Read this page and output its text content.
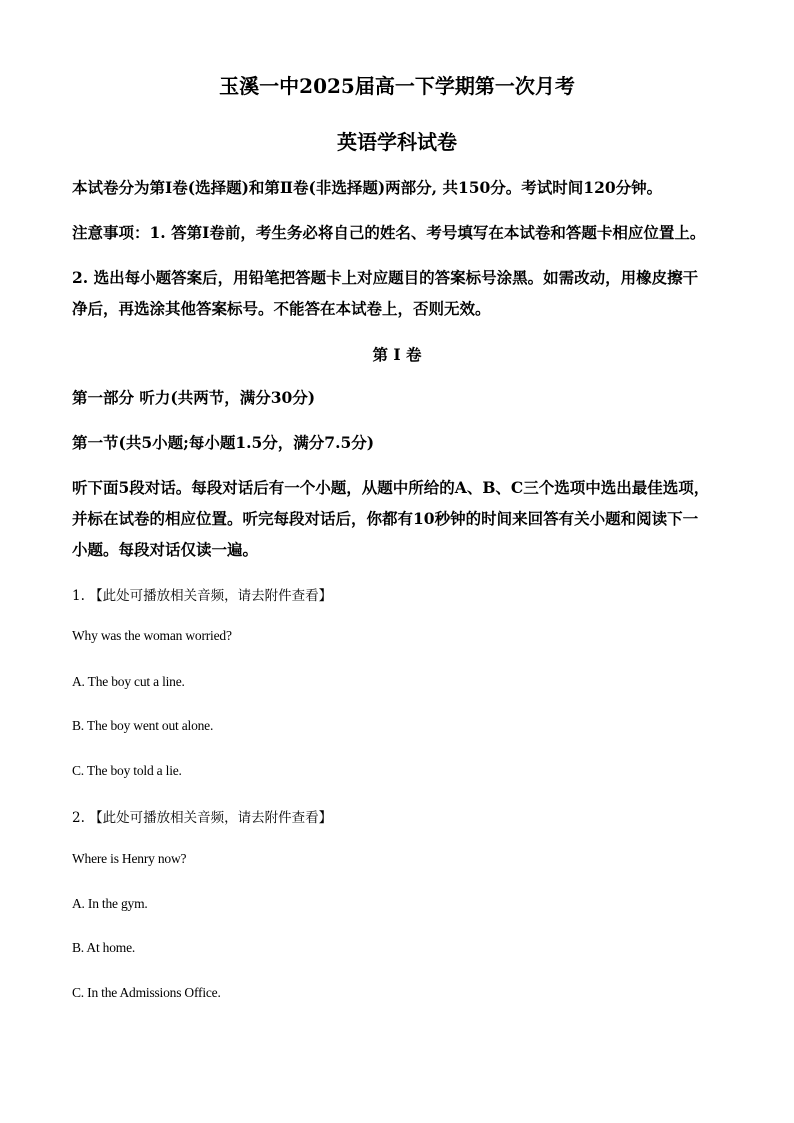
玉溪一中2025届高一下学期第一次月考
英语学科试卷
本试卷分为第Ⅰ卷(选择题)和第Ⅱ卷(非选择题)两部分, 共150分。考试时间120分钟。
注意事项：1. 答第Ⅰ卷前，考生务必将自己的姓名、考号填写在本试卷和答题卡相应位置上。
2. 选出每小题答案后，用铅笔把答题卡上对应题目的答案标号涂黑。如需改动，用橡皮擦干
净后，再选涂其他答案标号。不能答在本试卷上，否则无效。
第 I 卷
第一部分 听力(共两节，满分30分)
第一节(共5小题;每小题1.5分，满分7.5分)
听下面5段对话。每段对话后有一个小题，从题中所给的A、B、C三个选项中选出最佳选项，
并标在试卷的相应位置。听完每段对话后，你都有10秒钟的时间来回答有关小题和阅读下一
小题。每段对话仅读一遍。
1. 【此处可播放相关音频，请去附件查看】
Why was the woman worried?
A. The boy cut a line.
B. The boy went out alone.
C. The boy told a lie.
2. 【此处可播放相关音频，请去附件查看】
Where is Henry now?
A. In the gym.
B. At home.
C. In the Admissions Office.
